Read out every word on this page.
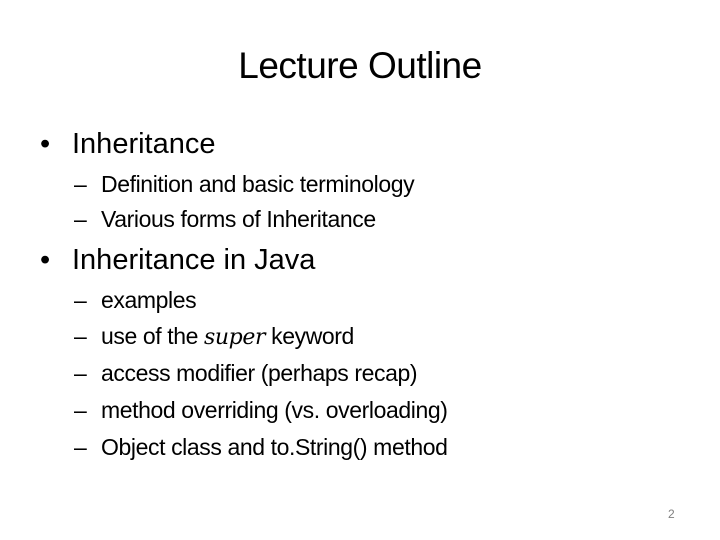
Lecture Outline
• Inheritance
– Definition and basic terminology
– Various forms of Inheritance
• Inheritance in Java
– examples
– use of the super keyword
– access modifier (perhaps recap)
– method overriding (vs. overloading)
– Object class and to.String() method
2
